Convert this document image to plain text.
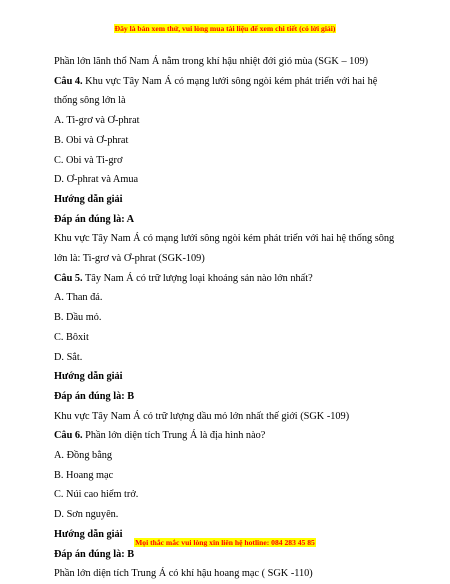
Đây là bản xem thử, vui lòng mua tài liệu để xem chi tiết (có lời giải)

Phần lớn lãnh thổ Nam Á nằm trong khí hậu nhiệt đới gió mùa (SGK – 109)

Câu 4. Khu vực Tây Nam Á có mạng lưới sông ngòi kém phát triển với hai hệ thống sông lớn là

A. Ti-grơ và Ơ-phrat

B. Obi và Ơ-phrat

C. Obi và Ti-grơ

D. Ơ-phrat và Amua

Hướng dẫn giải

Đáp án đúng là: A

Khu vực Tây Nam Á có mạng lưới sông ngòi kém phát triển với hai hệ thống sông lớn là: Ti-grơ và Ơ-phrat (SGK-109)

Câu 5. Tây Nam Á có trữ lượng loại khoáng sản nào lớn nhất?

A. Than đá.

B. Dầu mỏ.

C. Bôxit

D. Sắt.

Hướng dẫn giải

Đáp án đúng là: B

Khu vực Tây Nam Á có trữ lượng dầu mỏ lớn nhất thế giới (SGK -109)

Câu 6. Phần lớn diện tích Trung Á là địa hình nào?

A. Đồng bằng

B. Hoang mạc

C. Núi cao hiểm trở.

D. Sơn nguyên.

Hướng dẫn giải

Đáp án đúng là: B

Phần lớn diện tích Trung Á có khí hậu hoang mạc ( SGK -110)

Mọi thắc mắc vui lòng xin liên hệ hotline: 084 283 45 85
